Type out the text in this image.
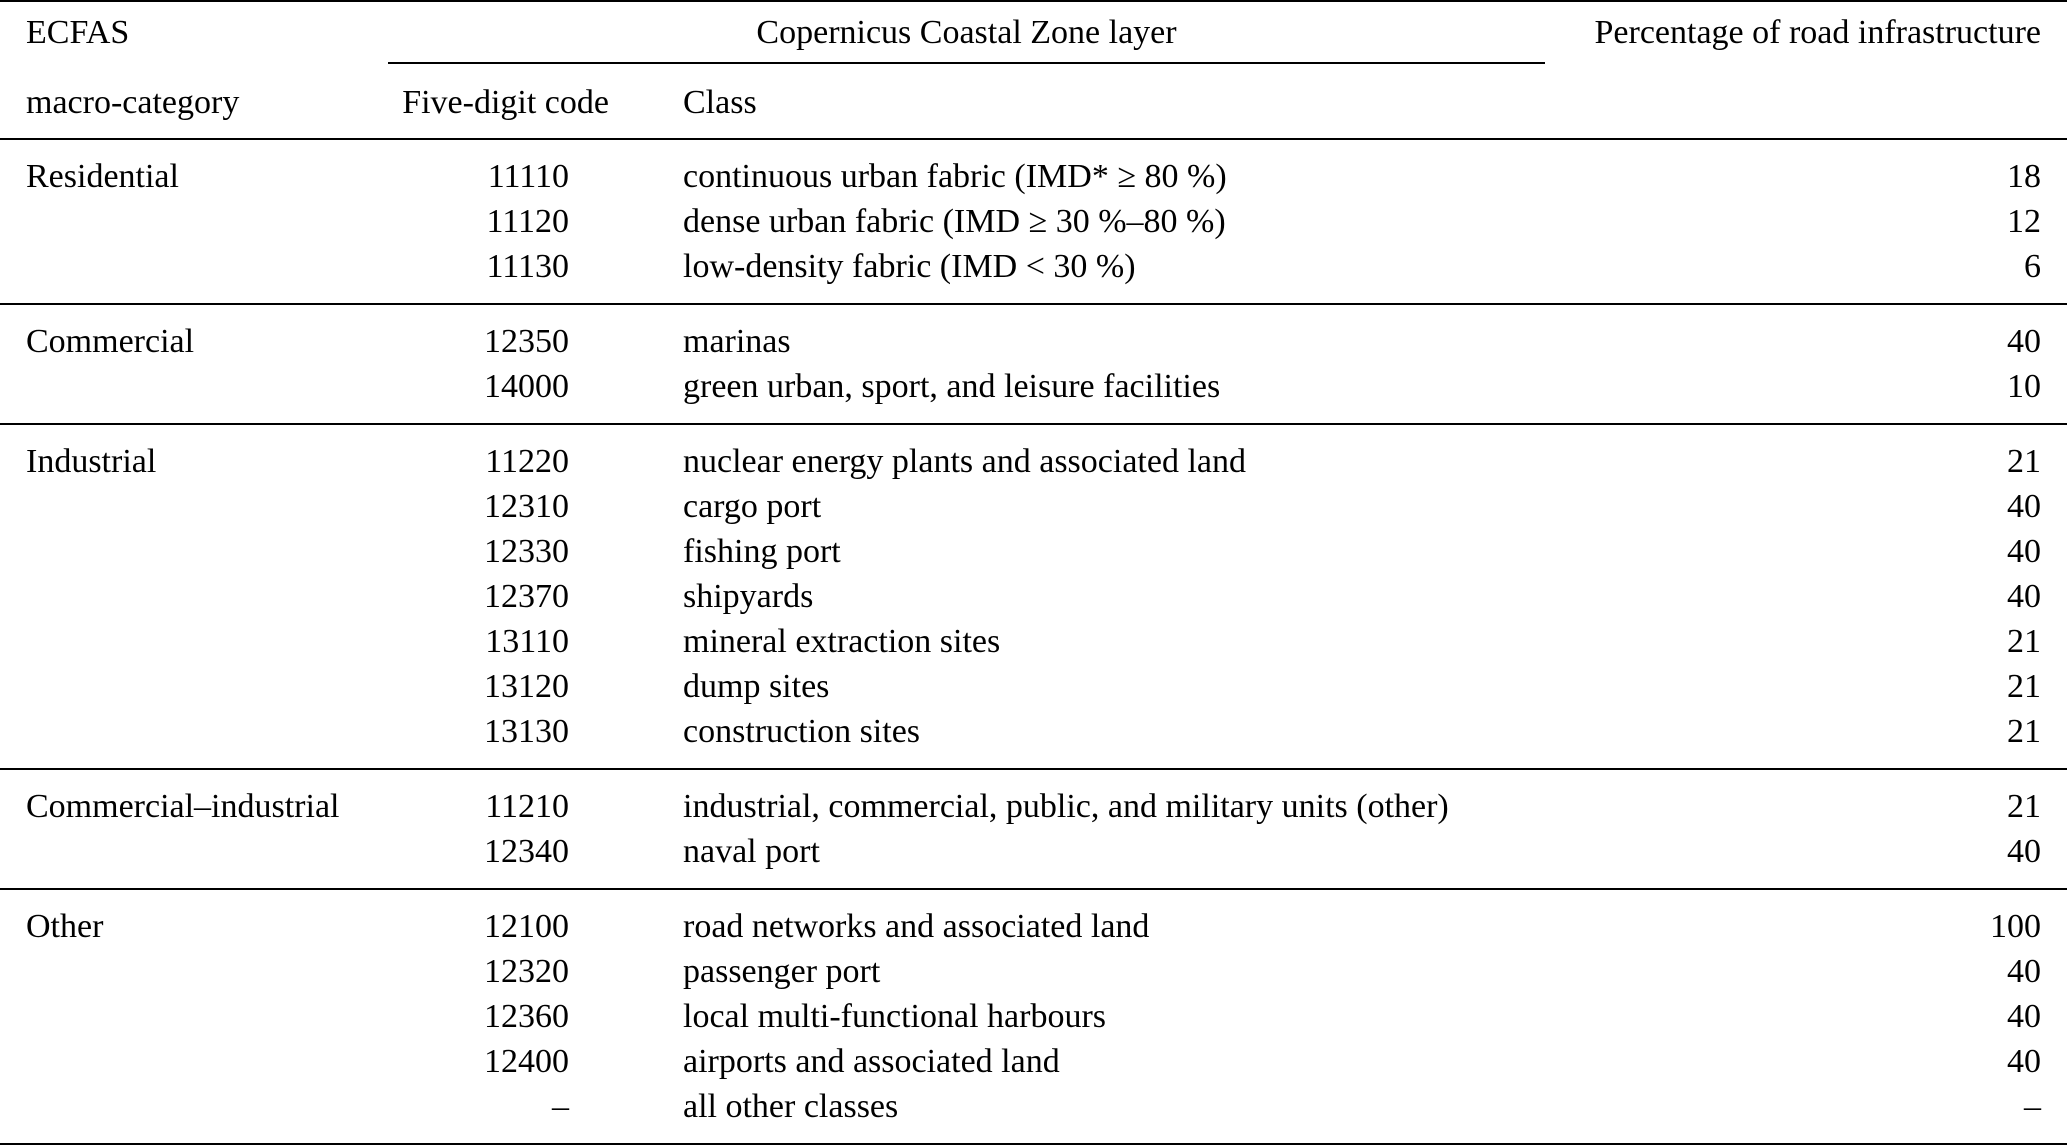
ECFAS	Copernicus Coastal Zone layer		Percentage of road infrastructure
macro-category	Five-digit code	Class	
Residential	11110	continuous urban fabric (IMD* ≥ 80 %)	18
	11120	dense urban fabric (IMD ≥ 30 %–80 %)	12
	11130	low-density fabric (IMD < 30 %)	6
Commercial	12350	marinas	40
	14000	green urban, sport, and leisure facilities	10
Industrial	11220	nuclear energy plants and associated land	21
	12310	cargo port	40
	12330	fishing port	40
	12370	shipyards	40
	13110	mineral extraction sites	21
	13120	dump sites	21
	13130	construction sites	21
Commercial–industrial	11210	industrial, commercial, public, and military units (other)	21
	12340	naval port	40
Other	12100	road networks and associated land	100
	12320	passenger port	40
	12360	local multi-functional harbours	40
	12400	airports and associated land	40
	–	all other classes	–
